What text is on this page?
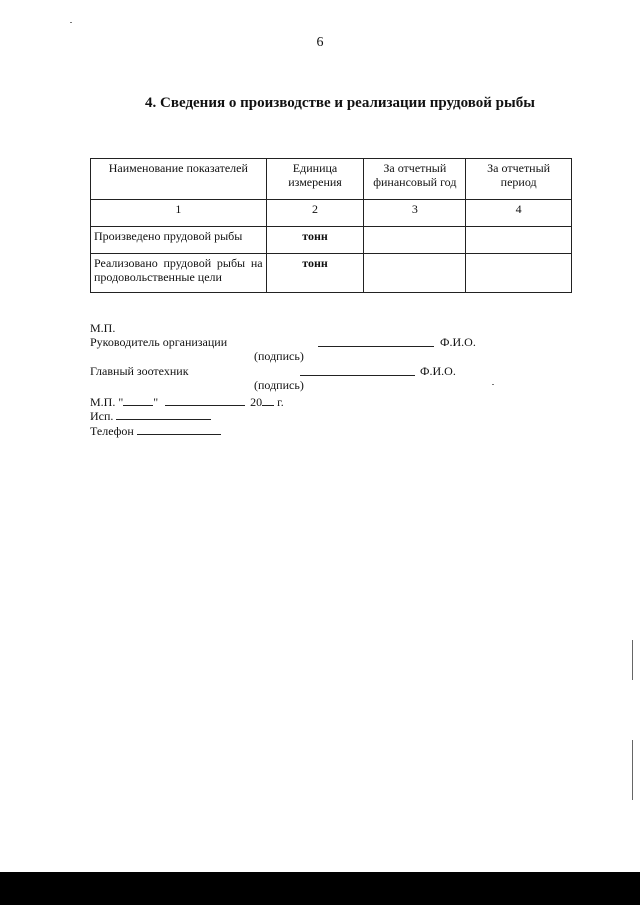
6
4. Сведения о производстве и реализации прудовой рыбы
Наименование показателей	Единица измерения	За отчетный финансовый год	За отчетный период
1	2	3	4
Произведено прудовой рыбы	тонн		
Реализовано прудовой рыбы на продовольственные цели	тонн		
М.П.
Руководитель организации	Ф.И.О.
(подпись)
Главный зоотехник	Ф.И.О.
(подпись)
М.П. "	"	20 г.
Исп.
Телефон
